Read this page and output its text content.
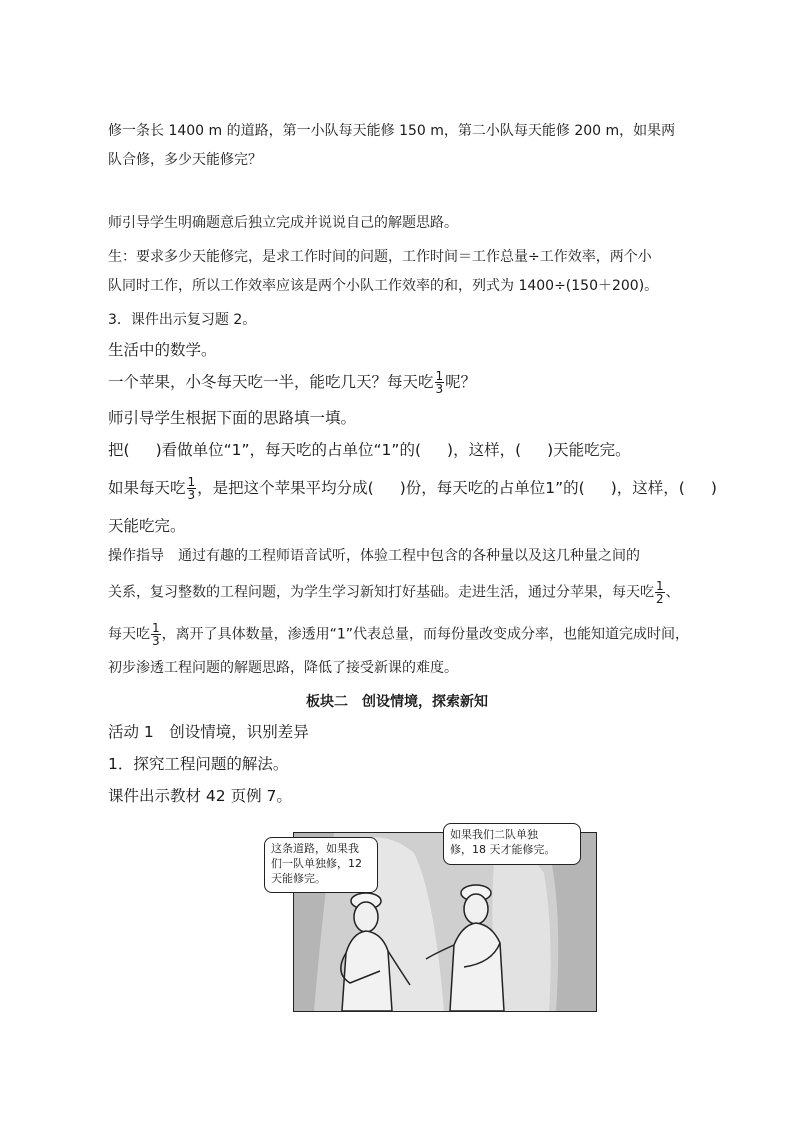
修一条长 1400 m 的道路，第一小队每天能修 150 m，第二小队每天能修 200 m，如果两
队合修，多少天能修完？
师引导学生明确题意后独立完成并说说自己的解题思路。
生：要求多少天能修完，是求工作时间的问题，工作时间＝工作总量÷工作效率，两个小
队同时工作，所以工作效率应该是两个小队工作效率的和，列式为 1400÷(150＋200)。
3．课件出示复习题 2。
生活中的数学。
一个苹果，小冬每天吃一半，能吃几天？每天吃 $\frac{1}{3}$ 呢？
师引导学生根据下面的思路填一填。
把( )看做单位“1”，每天吃的占单位“1”的( )，这样，( )天能吃完。
如果每天吃 $\frac{1}{3}$ ，是把这个苹果平均分成( )份，每天吃的占单位1”的( )，这样，( )
天能吃完。
操作指导　通过有趣的工程师语音试听，体验工程中包含的各种量以及这几种量之间的
关系，复习整数的工程问题，为学生学习新知打好基础。走进生活，通过分苹果，每天吃 $\frac{1}{2}$ 、
每天吃 $\frac{1}{3}$ ，离开了具体数量，渗透用“1”代表总量，而每份量改变成分率，也能知道完成时间，
初步渗透工程问题的解题思路，降低了接受新课的难度。
板块二　创设情境，探索新知
活动 1　创设情境，识别差异
1．探究工程问题的解法。
课件出示教材 42 页例 7。
这条道路，如果我
们一队单独修，12
天能修完。
如果我们二队单独
修，18 天才能修完。
